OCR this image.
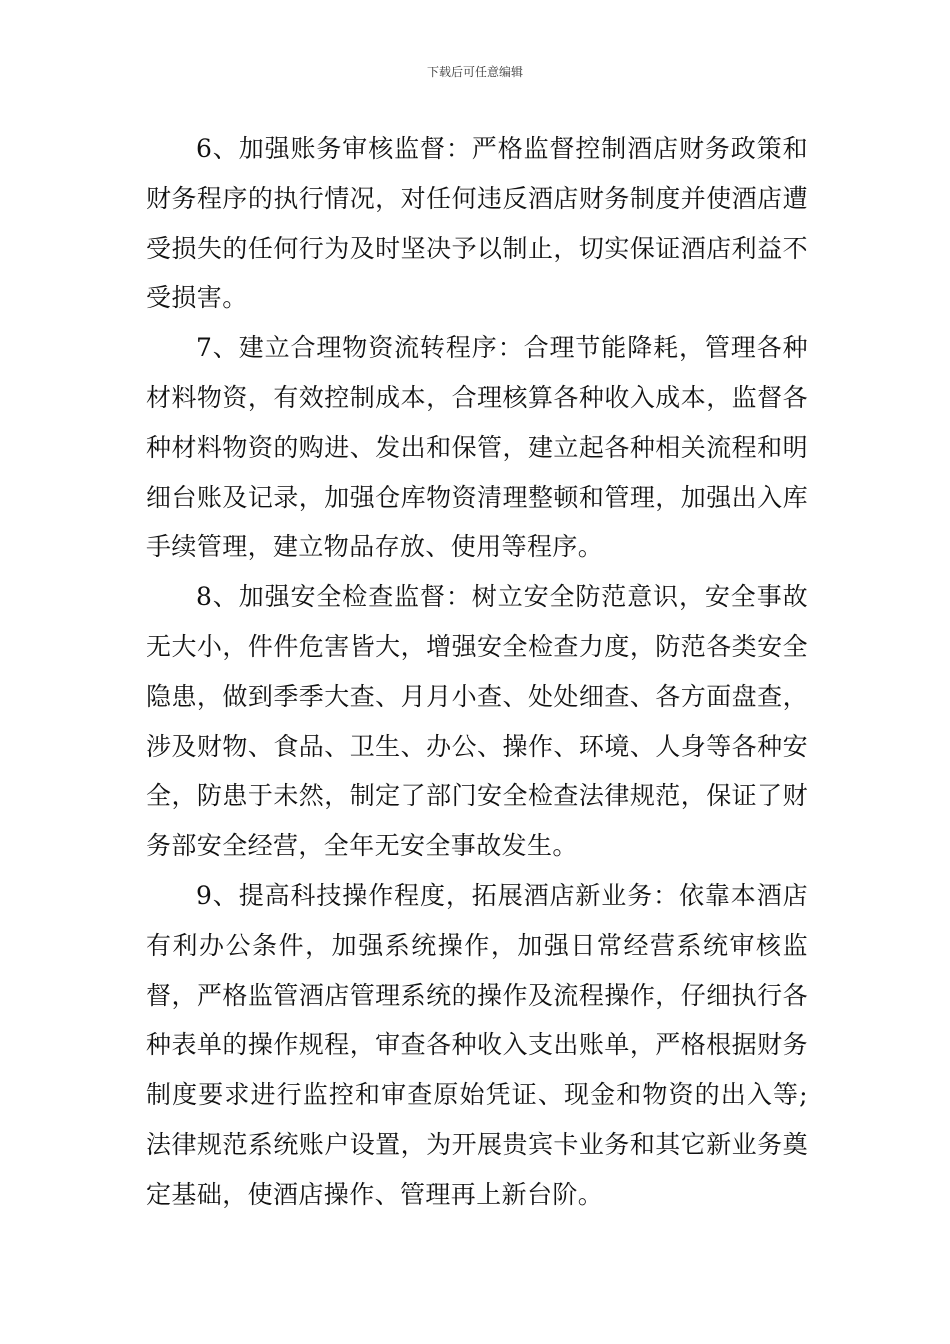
下载后可任意编辑

6、加强账务审核监督：严格监督控制酒店财务政策和财务程序的执行情况，对任何违反酒店财务制度并使酒店遭受损失的任何行为及时坚决予以制止，切实保证酒店利益不受损害。

7、建立合理物资流转程序：合理节能降耗，管理各种材料物资，有效控制成本，合理核算各种收入成本，监督各种材料物资的购进、发出和保管，建立起各种相关流程和明细台账及记录，加强仓库物资清理整顿和管理，加强出入库手续管理，建立物品存放、使用等程序。

8、加强安全检查监督：树立安全防范意识，安全事故无大小，件件危害皆大，增强安全检查力度，防范各类安全隐患，做到季季大查、月月小查、处处细查、各方面盘查，涉及财物、食品、卫生、办公、操作、环境、人身等各种安全，防患于未然，制定了部门安全检查法律规范，保证了财务部安全经营，全年无安全事故发生。

9、提高科技操作程度，拓展酒店新业务：依靠本酒店有利办公条件，加强系统操作，加强日常经营系统审核监督，严格监管酒店管理系统的操作及流程操作，仔细执行各种表单的操作规程，审查各种收入支出账单，严格根据财务制度要求进行监控和审查原始凭证、现金和物资的出入等;法律规范系统账户设置，为开展贵宾卡业务和其它新业务奠定基础，使酒店操作、管理再上新台阶。
